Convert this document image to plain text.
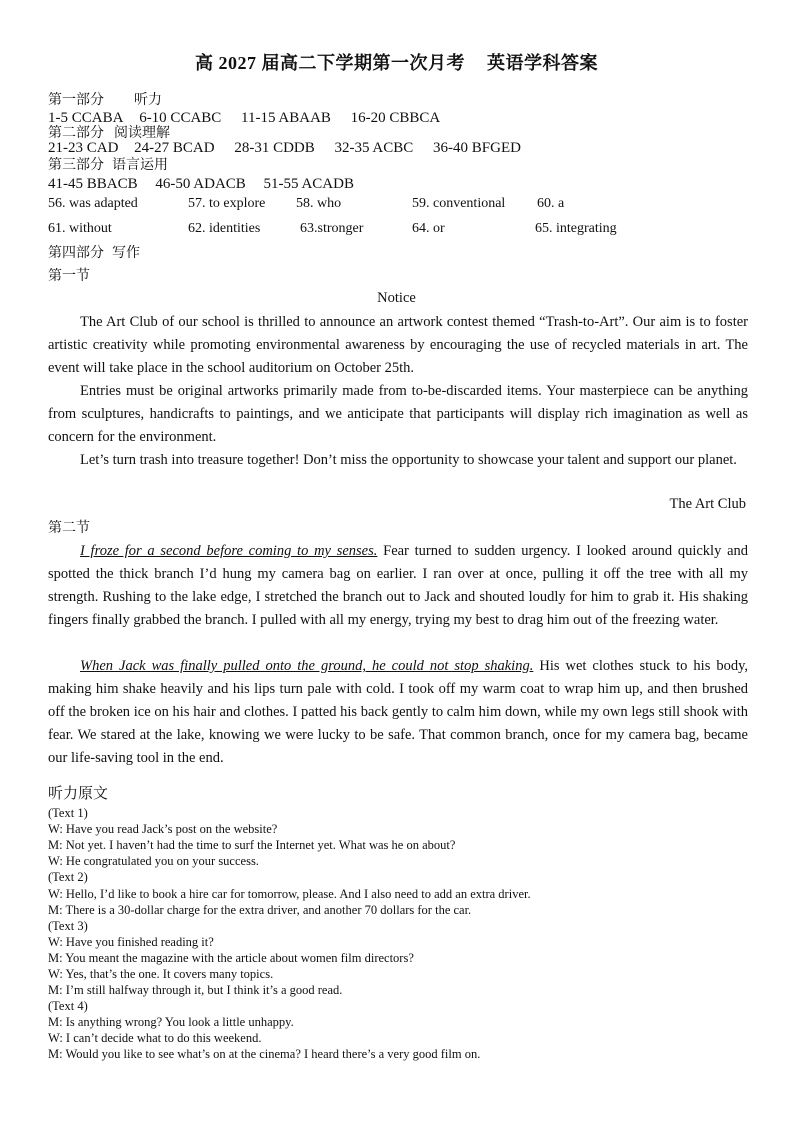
高 2027 届高二下学期第一次月考 英语学科答案
第一部分 听力
1-5 CCABA 6-10 CCABC 11-15 ABAAB 16-20 CBBCA
第二部分 阅读理解
21-23 CAD 24-27 BCAD 28-31 CDDB 32-35 ACBC 36-40 BFGED
第三部分 语言运用
41-45 BBACB 46-50 ADACB 51-55 ACADB
56. was adapted	57. to explore 58. who	59. conventional 60. a
61. without	62. identities	63.stronger	64. or	65. integrating
第四部分 写作
第一节
Notice
The Art Club of our school is thrilled to announce an artwork contest themed “Trash-to-Art”. Our aim is to foster artistic creativity while promoting environmental awareness by encouraging the use of recycled materials in art. The event will take place in the school auditorium on October 25th.
Entries must be original artworks primarily made from to-be-discarded items. Your masterpiece can be anything from sculptures, handicrafts to paintings, and we anticipate that participants will display rich imagination as well as concern for the environment.
Let’s turn trash into treasure together! Don’t miss the opportunity to showcase your talent and support our planet.
The Art Club
第二节
I froze for a second before coming to my senses. Fear turned to sudden urgency. I looked around quickly and spotted the thick branch I’d hung my camera bag on earlier. I ran over at once, pulling it off the tree with all my strength. Rushing to the lake edge, I stretched the branch out to Jack and shouted loudly for him to grab it. His shaking fingers finally grabbed the branch. I pulled with all my energy, trying my best to drag him out of the freezing water.
When Jack was finally pulled onto the ground, he could not stop shaking. His wet clothes stuck to his body, making him shake heavily and his lips turn pale with cold. I took off my warm coat to wrap him up, and then brushed off the broken ice on his hair and clothes. I patted his back gently to calm him down, while my own legs still shook with fear. We stared at the lake, knowing we were lucky to be safe. That common branch, once for my camera bag, became our life-saving tool in the end.
听力原文
(Text 1)
W: Have you read Jack’s post on the website?
M: Not yet. I haven’t had the time to surf the Internet yet. What was he on about?
W: He congratulated you on your success.
(Text 2)
W: Hello, I’d like to book a hire car for tomorrow, please. And I also need to add an extra driver.
M: There is a 30-dollar charge for the extra driver, and another 70 dollars for the car.
(Text 3)
W: Have you finished reading it?
M: You meant the magazine with the article about women film directors?
W: Yes, that’s the one. It covers many topics.
M: I’m still halfway through it, but I think it’s a good read.
(Text 4)
M: Is anything wrong? You look a little unhappy.
W: I can’t decide what to do this weekend.
M: Would you like to see what’s on at the cinema? I heard there’s a very good film on.
